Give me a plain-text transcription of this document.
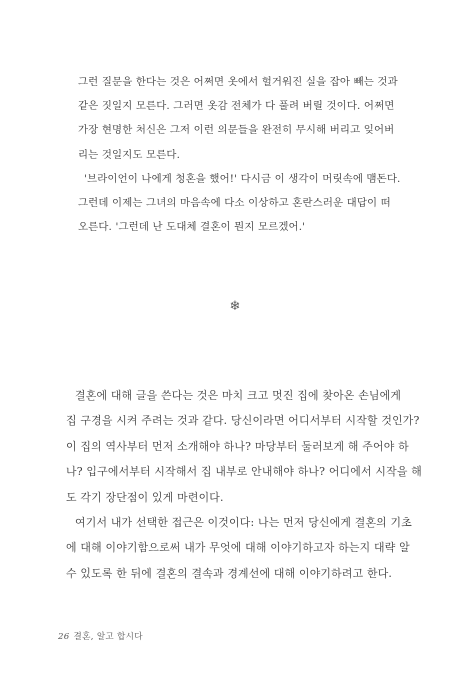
그런 질문을 한다는 것은 어쩌면 옷에서 헐거워진 실을 잡아 빼는 것과

같은 짓일지 모른다. 그러면 옷감 전체가 다 풀려 버릴 것이다. 어쩌면

가장 현명한 처신은 그저 이런 의문들을 완전히 무시해 버리고 잊어버

리는 것일지도 모른다.

'브라이언이 나에게 청혼을 했어!' 다시금 이 생각이 머릿속에 맴돈다.

그런데 이제는 그녀의 마음속에 다소 이상하고 혼란스러운 대답이 떠

오른다. '그런데 난 도대체 결혼이 뭔지 모르겠어.'

❄

결혼에 대해 글을 쓴다는 것은 마치 크고 멋진 집에 찾아온 손님에게

집 구경을 시켜 주려는 것과 같다. 당신이라면 어디서부터 시작할 것인가?

이 집의 역사부터 먼저 소개해야 하나? 마당부터 둘러보게 해 주어야 하

나? 입구에서부터 시작해서 집 내부로 안내해야 하나? 어디에서 시작을 해

도 각기 장단점이 있게 마련이다.

여기서 내가 선택한 접근은 이것이다: 나는 먼저 당신에게 결혼의 기초

에 대해 이야기함으로써 내가 무엇에 대해 이야기하고자 하는지 대략 알

수 있도록 한 뒤에 결혼의 결속과 경계선에 대해 이야기하려고 한다.

26 결혼, 알고 합시다
